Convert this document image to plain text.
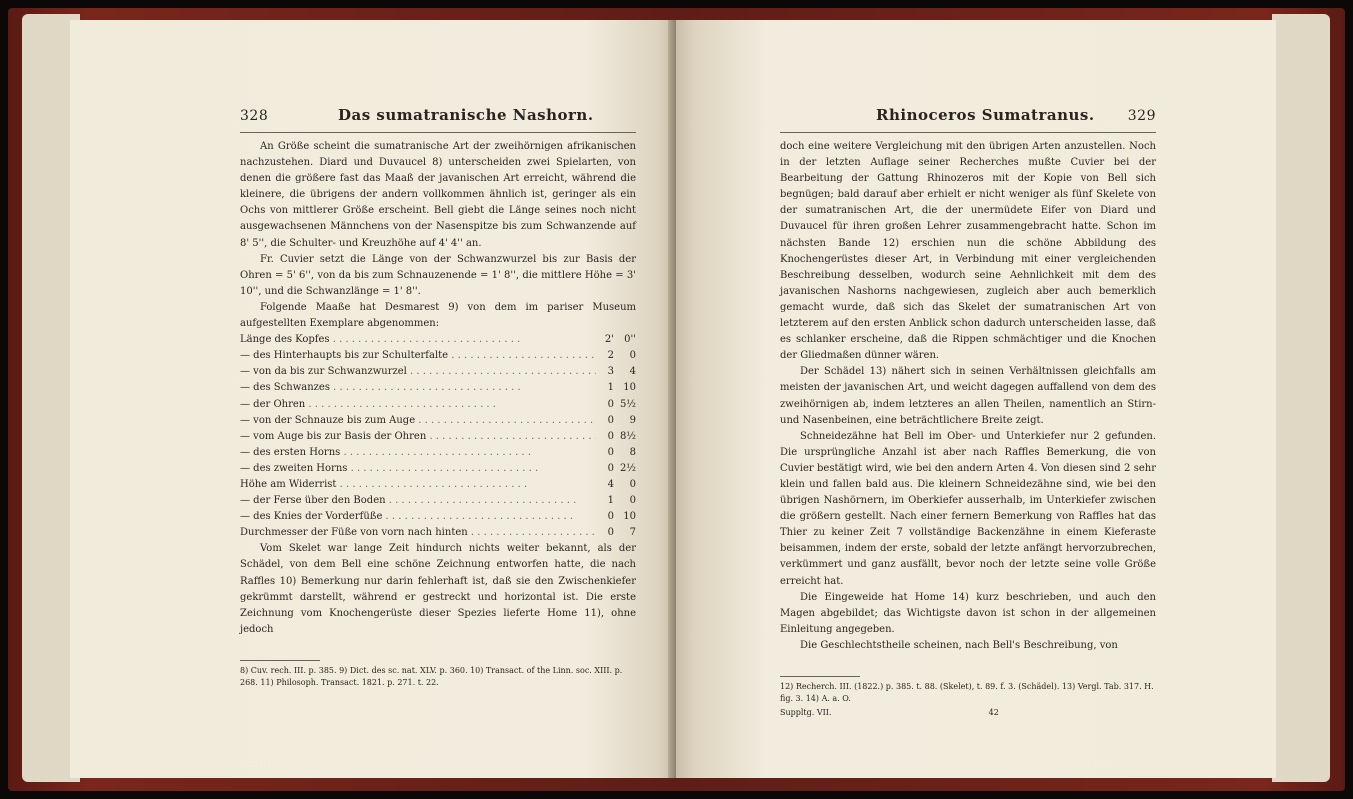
328	Das sumatranische Nashorn.

An Größe scheint die sumatranische Art der zweihörnigen afrikanischen nachzustehen. Diard und Duvaucel 8) unterscheiden zwei Spielarten, von denen die größere fast das Maaß der javanischen Art erreicht, während die kleinere, die übrigens der andern vollkommen ähnlich ist, geringer als ein Ochs von mittlerer Größe erscheint. Bell giebt die Länge seines noch nicht ausgewachsenen Männchens von der Nasenspitze bis zum Schwanzende auf 8' 5'', die Schulter- und Kreuzhöhe auf 4' 4'' an.

Fr. Cuvier setzt die Länge von der Schwanzwurzel bis zur Basis der Ohren = 5' 6'', von da bis zum Schnauzenende = 1' 8'', die mittlere Höhe = 3' 10'', und die Schwanzlänge = 1' 8''.

Folgende Maaße hat Desmarest 9) von dem im pariser Museum aufgestellten Exemplare abgenommen:

Länge des Kopfes . . .	2'	0''
— des Hinterhaupts bis zur Schulterfalte . . .	2	0
— von da bis zur Schwanzwurzel . . .	3	4
— des Schwanzes . . .	1 10
— der Ohren . . .	0 5½
— von der Schnauze bis zum Auge . . .	0	9
— vom Auge bis zur Basis der Ohren . . .	0 8½
— des ersten Horns . . .	0	8
— des zweiten Horns . . .	0 2½
Höhe am Widerrist . . .	4	0
— der Ferse über den Boden . . .	1	0
— des Knies der Vorderfüße . . .	0 10
Durchmesser der Füße von vorn nach hinten . . .	0	7

Vom Skelet war lange Zeit hindurch nichts weiter bekannt, als der Schädel, von dem Bell eine schöne Zeichnung entworfen hatte, die nach Raffles 10) Bemerkung nur darin fehlerhaft ist, daß sie den Zwischenkiefer gekrümmt darstellt, während er gestreckt und horizontal ist. Die erste Zeichnung vom Knochengerüste dieser Spezies lieferte Home 11), ohne jedoch

8) Cuv. rech. III. p. 385. 9) Dict. des sc. nat. XLV. p. 360. 10) Transact. of the Linn. soc. XIII. p. 268. 11) Philosoph. Transact. 1821. p. 271. t. 22.
Rhinoceros Sumatranus. 329

doch eine weitere Vergleichung mit den übrigen Arten anzustellen. Noch in der letzten Auflage seiner Recherches mußte Cuvier bei der Bearbeitung der Gattung Rhinozeros mit der Kopie von Bell sich begnügen; bald darauf aber erhielt er nicht weniger als fünf Skelete von der sumatranischen Art, die der unermüdete Eifer von Diard und Duvaucel für ihren großen Lehrer zusammengebracht hatte. Schon im nächsten Bande 12) erschien nun die schöne Abbildung des Knochengerüstes dieser Art, in Verbindung mit einer vergleichenden Beschreibung desselben, wodurch seine Aehnlichkeit mit dem des javanischen Nashorns nachgewiesen, zugleich aber auch bemerklich gemacht wurde, daß sich das Skelet der sumatranischen Art von letzterem auf den ersten Anblick schon dadurch unterscheiden lasse, daß es schlanker erscheine, daß die Rippen schmächtiger und die Knochen der Gliedmaßen dünner wären.

Der Schädel 13) nähert sich in seinen Verhältnissen gleichfalls am meisten der javanischen Art, und weicht dagegen auffallend von dem des zweihörnigen ab, indem letzteres an allen Theilen, namentlich an Stirn- und Nasenbeinen, eine beträchtlichere Breite zeigt.

Schneidezähne hat Bell im Ober- und Unterkiefer nur 2 gefunden. Die ursprüngliche Anzahl ist aber nach Raffles Bemerkung, die von Cuvier bestätigt wird, wie bei den andern Arten 4. Von diesen sind 2 sehr klein und fallen bald aus. Die kleinern Schneidezähne sind, wie bei den übrigen Nashörnern, im Oberkiefer ausserhalb, im Unterkiefer zwischen die größern gestellt. Nach einer fernern Bemerkung von Raffles hat das Thier zu keiner Zeit 7 vollständige Backenzähne in einem Kieferaste beisammen, indem der erste, sobald der letzte anfängt hervorzubrechen, verkümmert und ganz ausfällt, bevor noch der letzte seine volle Größe erreicht hat.

Die Eingeweide hat Home 14) kurz beschrieben, und auch den Magen abgebildet; das Wichtigste davon ist schon in der allgemeinen Einleitung angegeben.

Die Geschlechtstheile scheinen, nach Bell's Beschreibung, von

12) Recherch. III. (1822.) p. 385. t. 88. (Skelet), t. 89. f. 3. (Schädel). 13) Vergl. Tab. 317. H. fig. 3. 14) A. a. O.
Suppltg. VII.	42
